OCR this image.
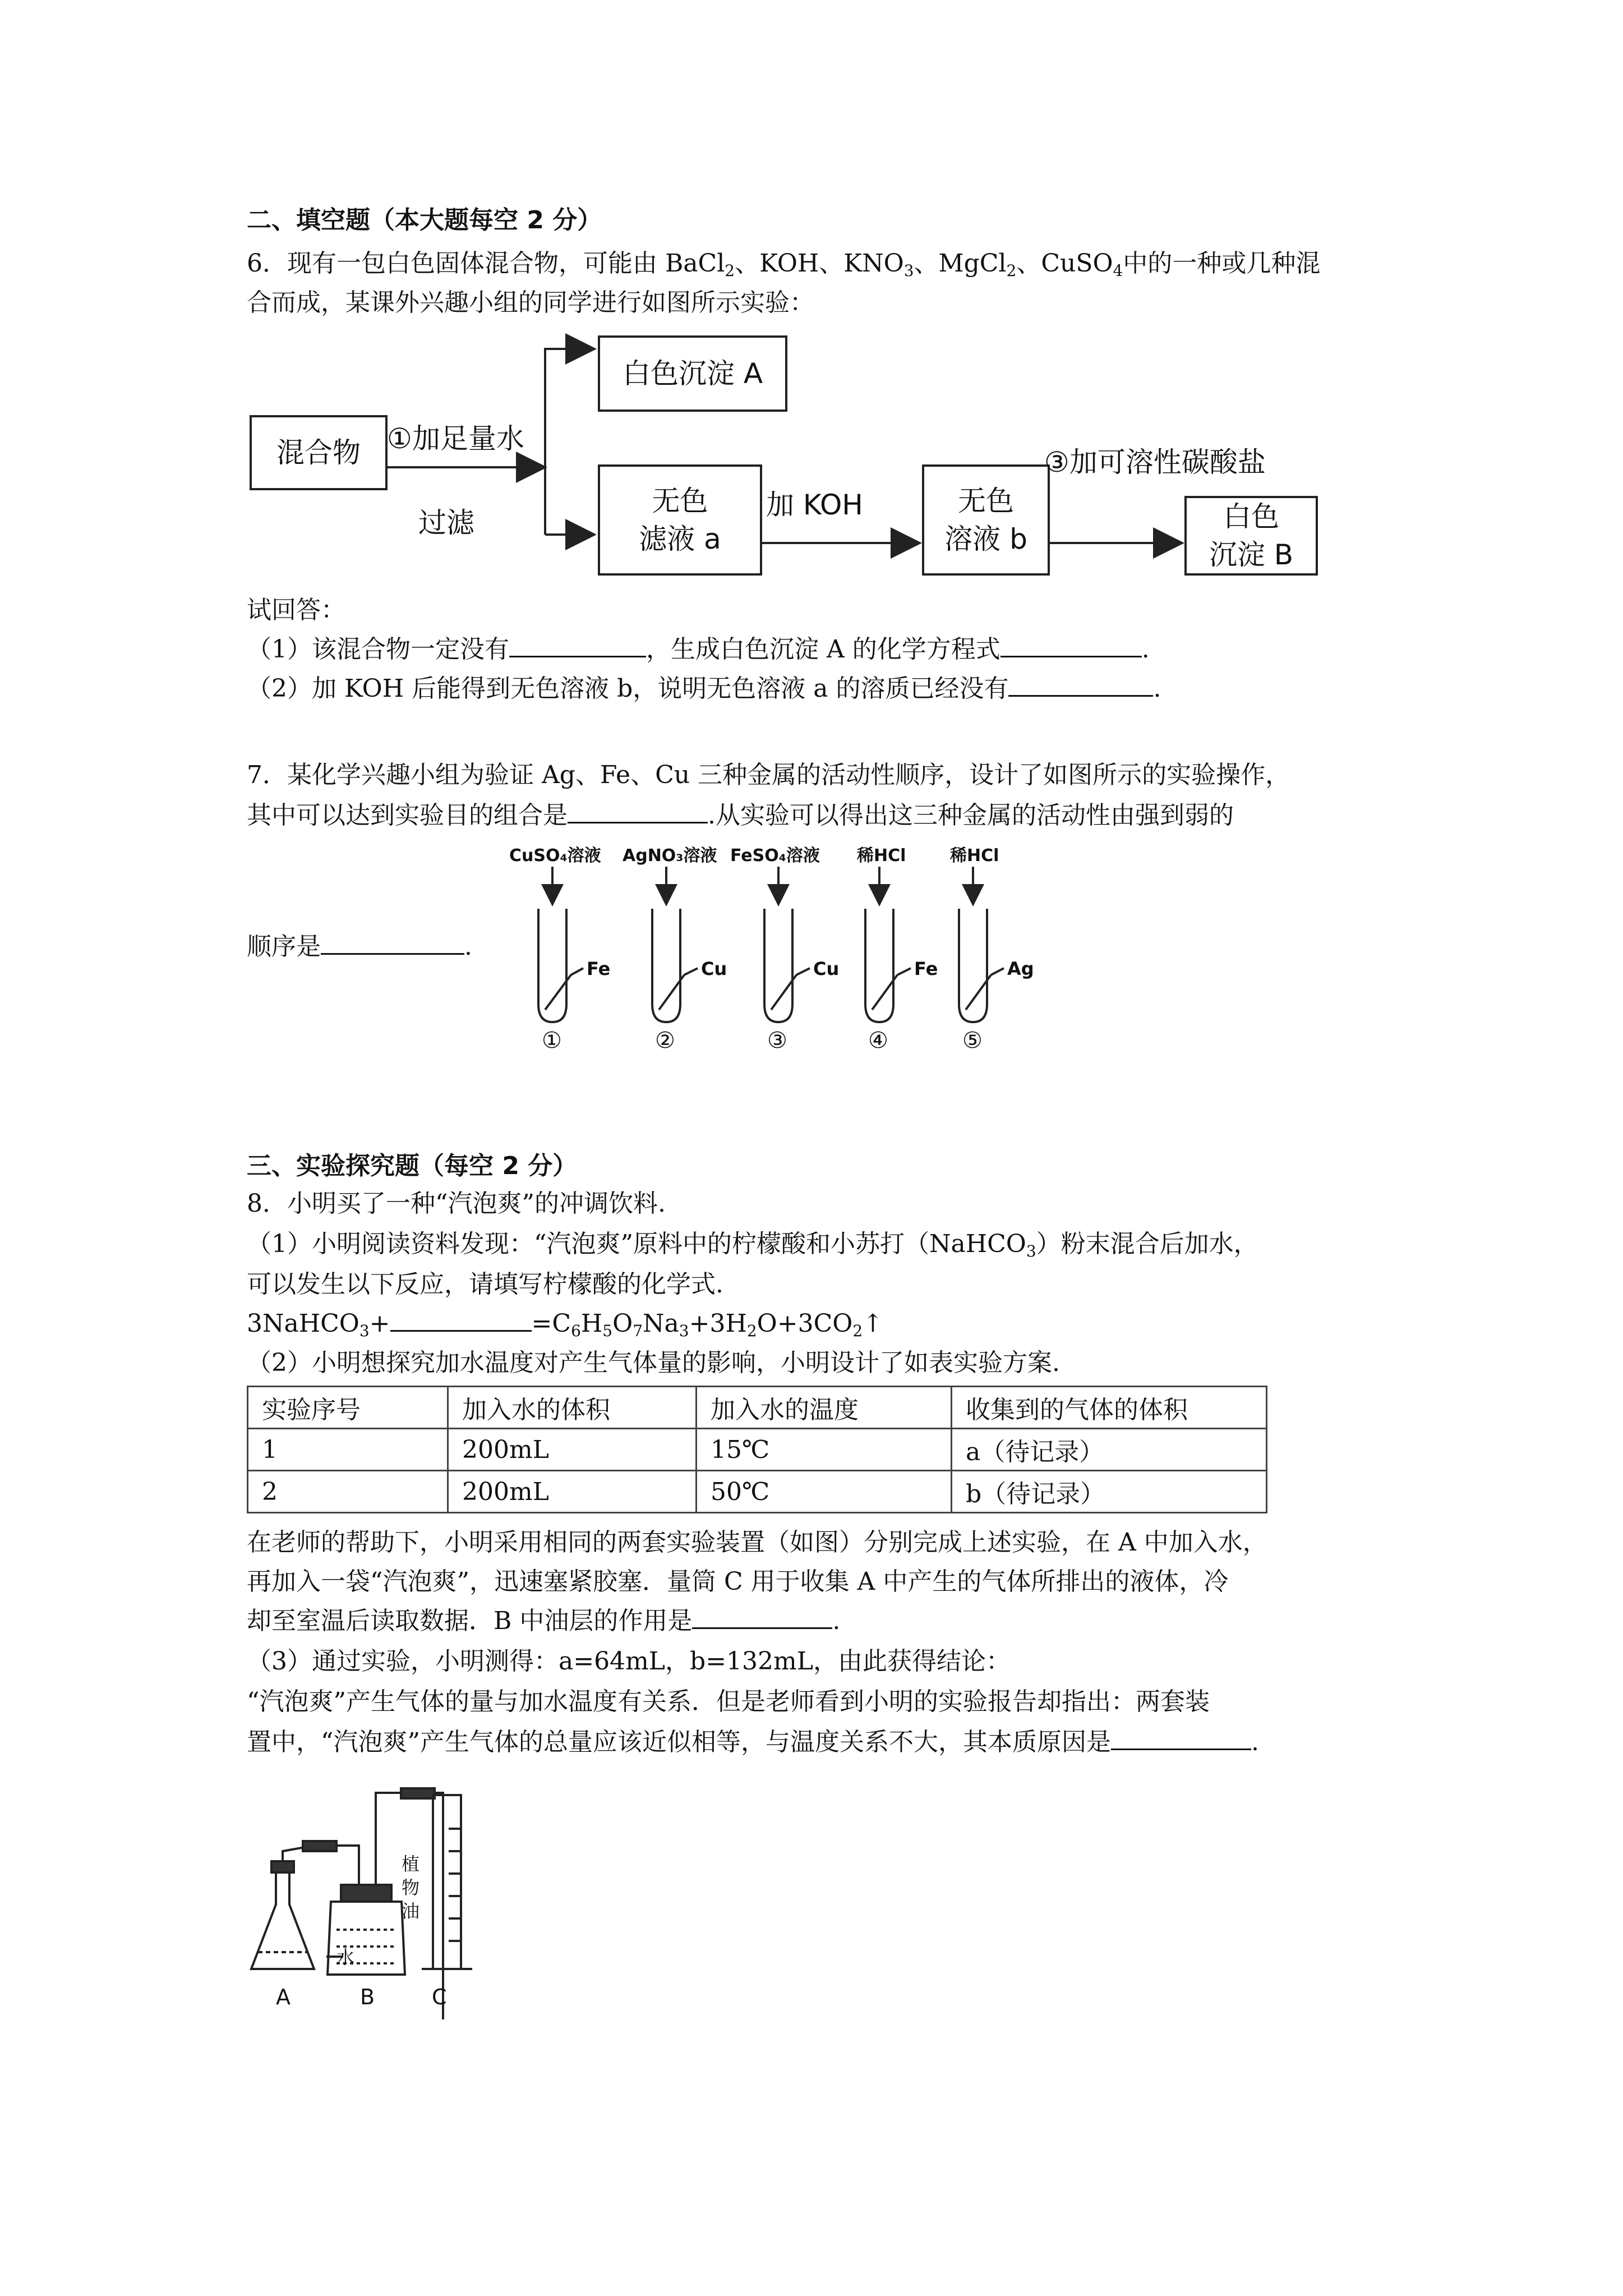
二、填空题（本大题每空 2 分）
6．现有一包白色固体混合物，可能由 BaCl$_2$、KOH、$KNO_3$、MgCl$_2$、CuSO$_4$中的一种或几种混
合而成，某课外兴趣小组的同学进行如图所示实验：
混合物
白色沉淀 A
无色
滤液 a
无色
溶液 b
白色
沉淀 B
①加足量水
过滤
加 KOH
③加可溶性碳酸盐
试回答：
（1）该混合物一定没有	，生成白色沉淀 A 的化学方程式	.
（2）加 KOH 后能得到无色溶液 b，说明无色溶液 a 的溶质已经没有	.
7．某化学兴趣小组为验证 Ag、Fe、Cu 三种金属的活动性顺序，设计了如图所示的实验操作，
其中可以达到实验目的组合是	.从实验可以得出这三种金属的活动性由强到弱的
顺序是	.
CuSO₄溶液 AgNO₃溶液 FeSO₄溶液 稀HCl	稀HCl
Fe	Cu	Cu	Fe	Ag
①	②	③	④	⑤
三、实验探究题（每空 2 分）
8．小明买了一种“汽泡爽”的冲调饮料.
（1）小明阅读资料发现：“汽泡爽”原料中的柠檬酸和小苏打（NaHCO$_3$）粉末混合后加水，
可以发生以下反应，请填写柠檬酸的化学式.
3NaHCO$_3$+	$=C_6H_5O_7Na_3+3H_2O+3CO_2↑$
（2）小明想探究加水温度对产生气体量的影响，小明设计了如表实验方案.
实验序号	加入水的体积	加入水的温度	收集到的气体的体积
1	200mL	15℃	a（待记录）
2	200mL	50℃	b（待记录）
在老师的帮助下，小明采用相同的两套实验装置（如图）分别完成上述实验，在 A 中加入水，
再加入一袋“汽泡爽”，迅速塞紧胶塞．量筒 C 用于收集 A 中产生的气体所排出的液体，冷
却至室温后读取数据．B 中油层的作用是	.
（3）通过实验，小明测得：a=64mL，b=132mL，由此获得结论：
“汽泡爽”产生气体的量与加水温度有关系．但是老师看到小明的实验报告却指出：两套装
置中，“汽泡爽”产生气体的总量应该近似相等，与温度关系不大，其本质原因是	.
植
物
油
水
A	B	C
